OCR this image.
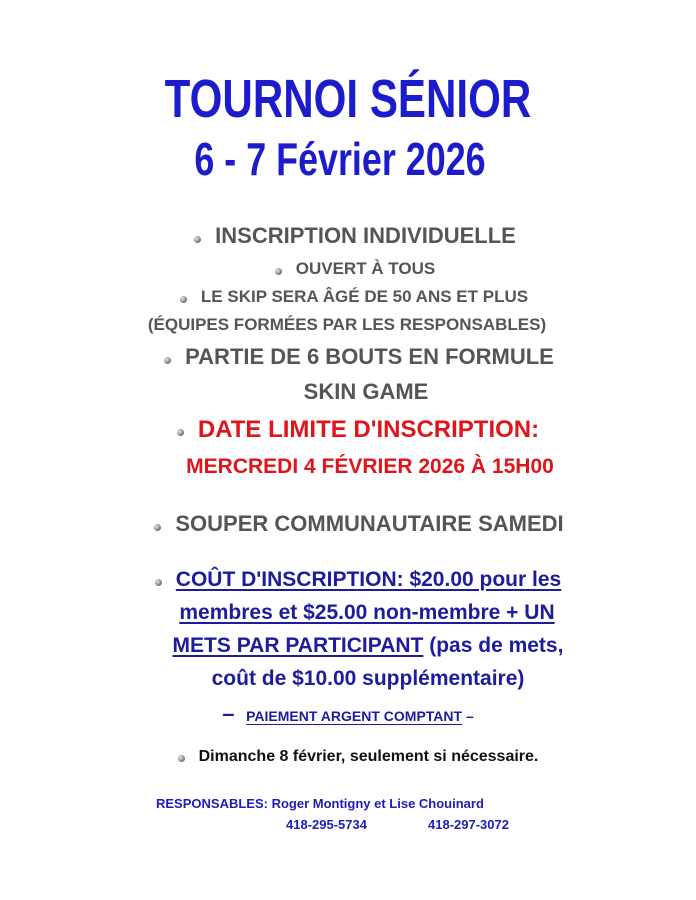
TOURNOI SÉNIOR
6 - 7 Février 2026
INSCRIPTION INDIVIDUELLE
OUVERT À TOUS
LE SKIP SERA ÂGÉ DE 50 ANS ET PLUS
(ÉQUIPES FORMÉES PAR LES RESPONSABLES)
PARTIE DE 6 BOUTS EN FORMULE
SKIN GAME
DATE LIMITE D'INSCRIPTION:
MERCREDI 4 FÉVRIER 2026 À 15H00
SOUPER COMMUNAUTAIRE SAMEDI
COÛT D'INSCRIPTION: $20.00 pour les
membres et $25.00 non-membre + UN
METS PAR PARTICIPANT (pas de mets,
coût de $10.00 supplémentaire)
– PAIEMENT ARGENT COMPTANT –
Dimanche 8 février, seulement si nécessaire.
RESPONSABLES: Roger Montigny et Lise Chouinard
418-295-5734	418-297-3072
